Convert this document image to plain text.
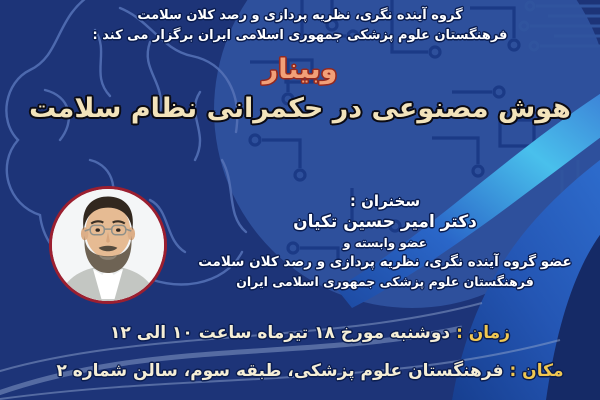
گروه آینده نگری، نظریه پردازی و رصد کلان سلامت
فرهنگستان علوم پزشکی جمهوری اسلامی ایران برگزار می کند :
وبینار
هوش مصنوعی در حکمرانی نظام سلامت
سخنران :
دکتر امیر حسین تکیان
عضو وابسته و
عضو گروه آینده نگری، نظریه پردازی و رصد کلان سلامت
فرهنگستان علوم پزشکی جمهوری اسلامی ایران
زمان : دوشنبه مورخ ۱۸ تیرماه ساعت ۱۰ الی ۱۲
مکان : فرهنگستان علوم پزشکی، طبقه سوم، سالن شماره ۲
